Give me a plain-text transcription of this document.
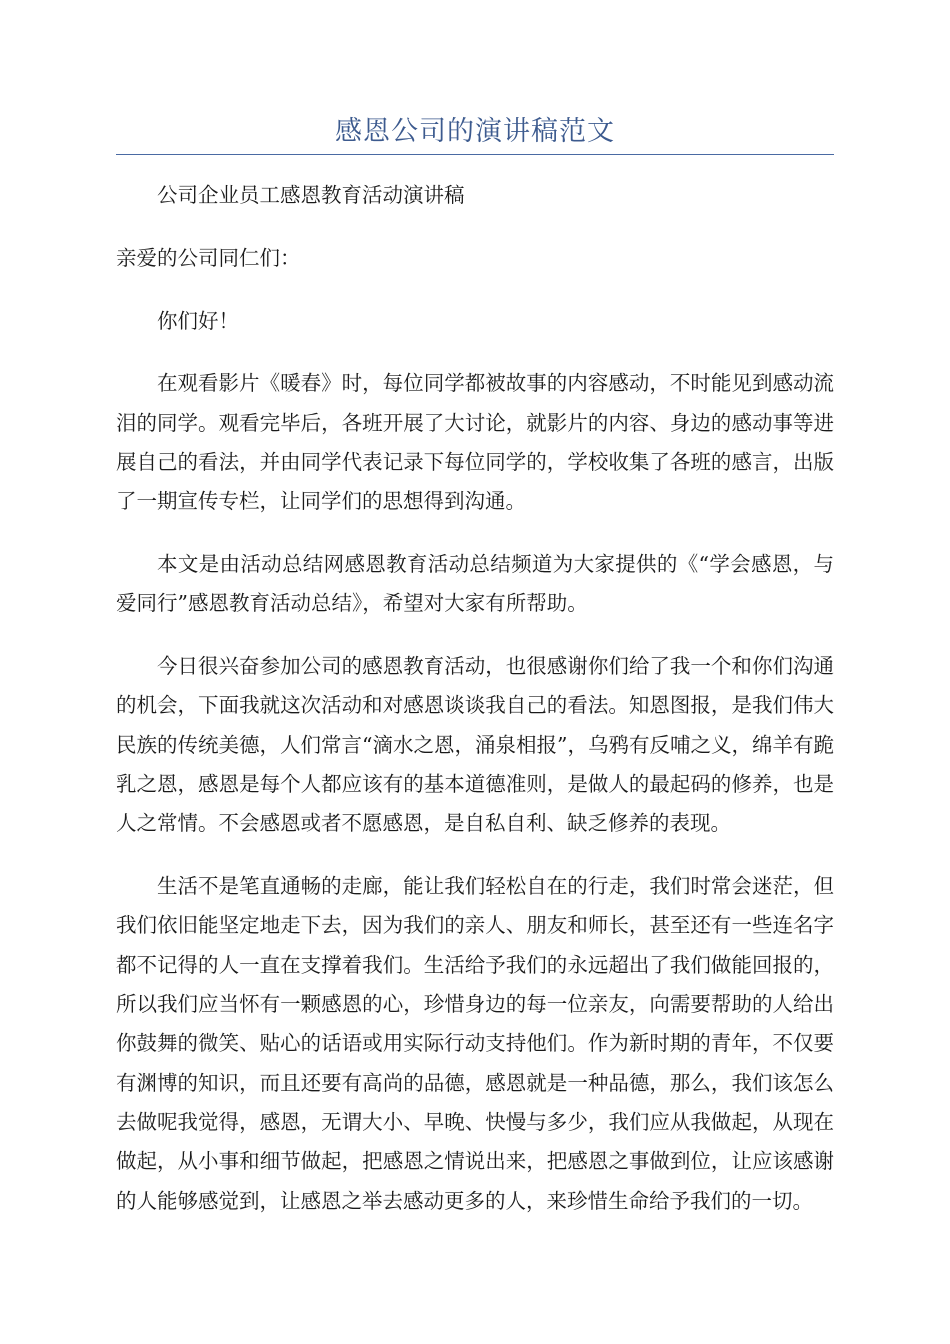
感恩公司的演讲稿范文

公司企业员工感恩教育活动演讲稿

亲爱的公司同仁们：

你们好！

在观看影片《暖春》时，每位同学都被故事的内容感动，不时能见到感动流泪的同学。观看完毕后，各班开展了大讨论，就影片的内容、身边的感动事等进展自己的看法，并由同学代表记录下每位同学的，学校收集了各班的感言，出版了一期宣传专栏，让同学们的思想得到沟通。

本文是由活动总结网感恩教育活动总结频道为大家提供的《“学会感恩，与爱同行”感恩教育活动总结》，希望对大家有所帮助。

今日很兴奋参加公司的感恩教育活动，也很感谢你们给了我一个和你们沟通的机会，下面我就这次活动和对感恩谈谈我自己的看法。知恩图报，是我们伟大民族的传统美德，人们常言“滴水之恩，涌泉相报”，乌鸦有反哺之义，绵羊有跪乳之恩，感恩是每个人都应该有的基本道德准则，是做人的最起码的修养，也是人之常情。不会感恩或者不愿感恩，是自私自利、缺乏修养的表现。

生活不是笔直通畅的走廊，能让我们轻松自在的行走，我们时常会迷茫，但我们依旧能坚定地走下去，因为我们的亲人、朋友和师长，甚至还有一些连名字都不记得的人一直在支撑着我们。生活给予我们的永远超出了我们做能回报的，所以我们应当怀有一颗感恩的心，珍惜身边的每一位亲友，向需要帮助的人给出你鼓舞的微笑、贴心的话语或用实际行动支持他们。作为新时期的青年，不仅要有渊博的知识，而且还要有高尚的品德，感恩就是一种品德，那么，我们该怎么去做呢我觉得，感恩，无谓大小、早晚、快慢与多少，我们应从我做起，从现在做起，从小事和细节做起，把感恩之情说出来，把感恩之事做到位，让应该感谢的人能够感觉到，让感恩之举去感动更多的人，来珍惜生命给予我们的一切。
